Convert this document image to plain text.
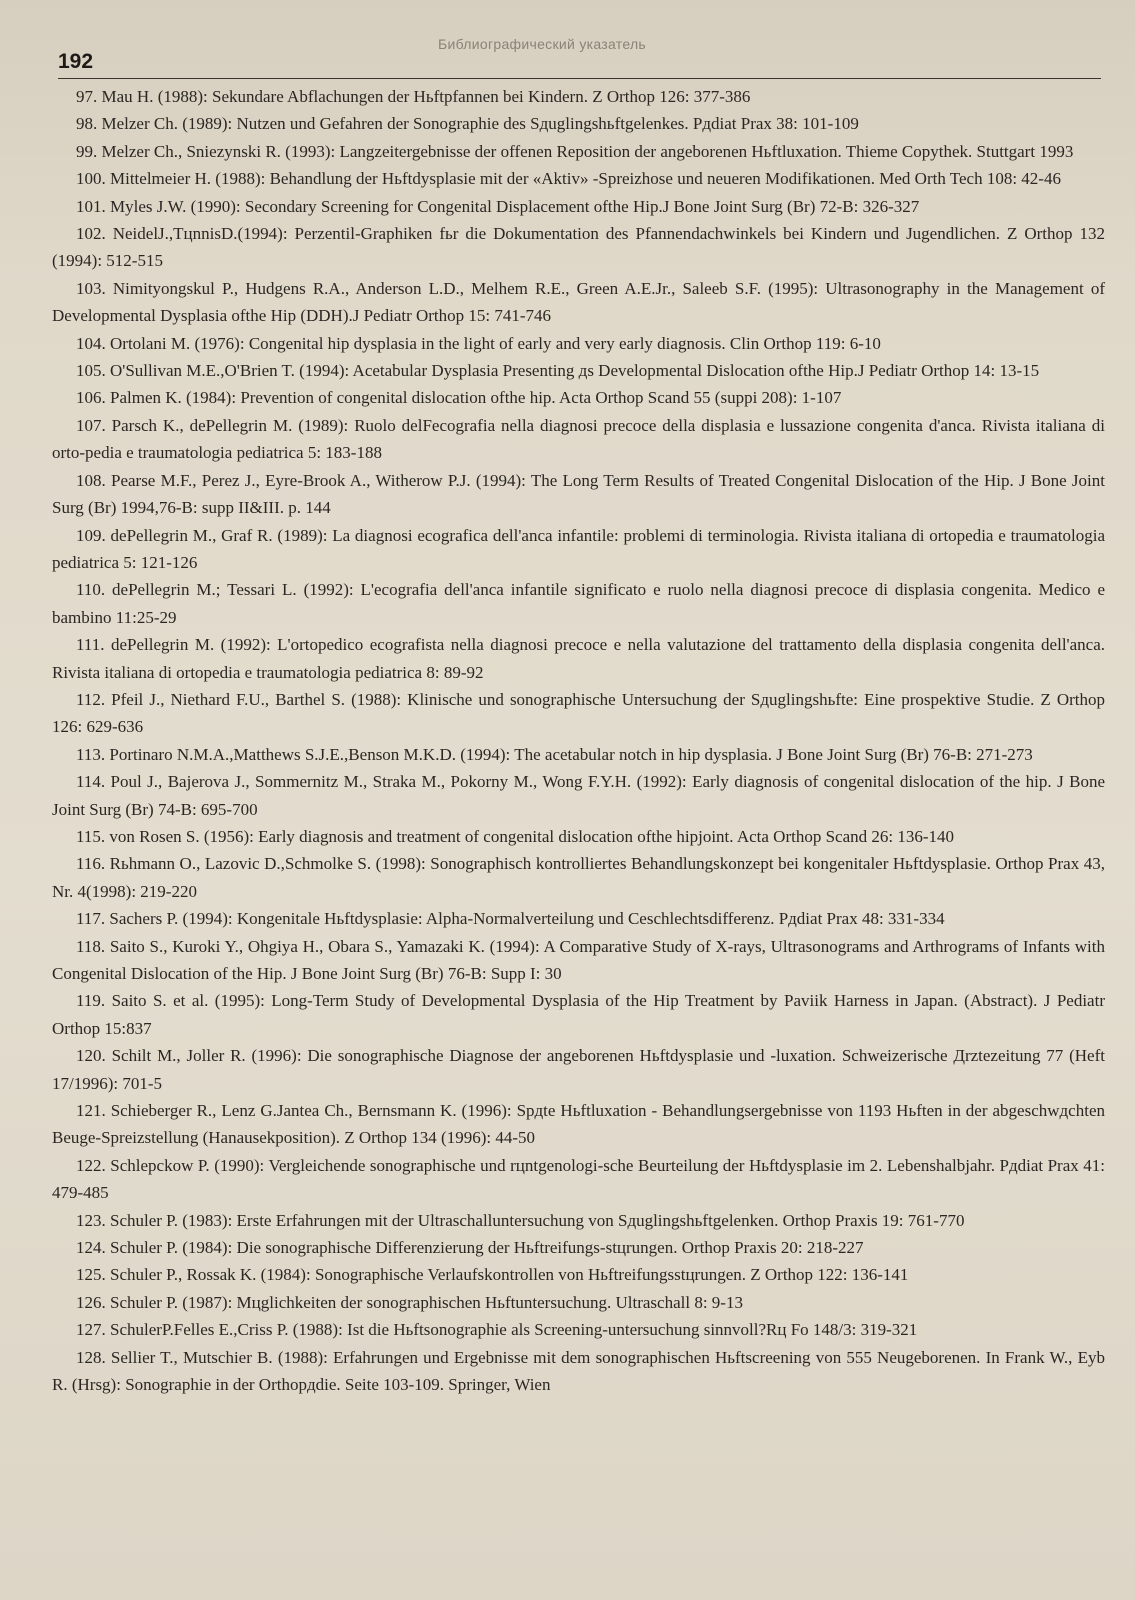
192
Библиографический указатель

97. Mau H. (1988): Sekundare Abflachungen der Hьftpfannen bei Kindern. Z Orthop 126: 377-386

98. Melzer Ch. (1989): Nutzen und Gefahren der Sonographie des Sдuglingshьftgelenkes. Pдdiat Prax 38: 101-109

99. Melzer Ch., Sniezynski R. (1993): Langzeitergebnisse der offenen Reposition der angeborenen Hьftluxation. Thieme Copythek. Stuttgart 1993

100. Mittelmeier H. (1988): Behandlung der Hьftdysplasie mit der «Aktiv» -Spreizhose und neueren Modifikationen. Med Orth Tech 108: 42-46

101. Myles J.W. (1990): Secondary Screening for Congenital Displacement ofthe Hip.J Bone Joint Surg (Br) 72-B: 326-327

102. NeidelJ.,TцnnisD.(1994): Perzentil-Graphiken fьr die Dokumentation des Pfannendachwinkels bei Kindern und Jugendlichen. Z Orthop 132 (1994): 512-515

103. Nimityongskul P., Hudgens R.A., Anderson L.D., Melhem R.E., Green A.E.Jr., Saleeb S.F. (1995): Ultrasonography in the Management of Developmental Dysplasia ofthe Hip (DDH).J Pediatr Orthop 15: 741-746

104. Ortolani M. (1976): Congenital hip dysplasia in the light of early and very early diagnosis. Clin Orthop 119: 6-10

105. O'Sullivan M.E.,O'Brien T. (1994): Acetabular Dysplasia Presenting дs Developmental Dislocation ofthe Hip.J Pediatr Orthop 14: 13-15

106. Palmen K. (1984): Prevention of congenital dislocation ofthe hip. Acta Orthop Scand 55 (suppi 208): 1-107

107. Parsch K., dePellegrin M. (1989): Ruolo delFecografia nella diagnosi precoce della displasia e lussazione congenita d'anca. Rivista italiana di orto-pedia e traumatologia pediatrica 5: 183-188

108. Pearse M.F., Perez J., Eyre-Brook A., Witherow P.J. (1994): The Long Term Results of Treated Congenital Dislocation of the Hip. J Bone Joint Surg (Br) 1994,76-B: supp II&III. p. 144

109. dePellegrin M., Graf R. (1989): La diagnosi ecografica dell'anca infantile: problemi di terminologia. Rivista italiana di ortopedia e traumatologia pediatrica 5: 121-126

110. dePellegrin M.; Tessari L. (1992): L'ecografia dell'anca infantile significato e ruolo nella diagnosi precoce di displasia congenita. Medico e bambino 11:25-29

111. dePellegrin M. (1992): L'ortopedico ecografista nella diagnosi precoce e nella valutazione del trattamento della displasia congenita dell'anca. Rivista italiana di ortopedia e traumatologia pediatrica 8: 89-92

112. Pfeil J., Niethard F.U., Barthel S. (1988): Klinische und sonographische Untersuchung der Sдuglingshьfte: Eine prospektive Studie. Z Orthop 126: 629-636

113. Portinaro N.M.A.,Matthews S.J.E.,Benson M.K.D. (1994): The acetabular notch in hip dysplasia. J Bone Joint Surg (Br) 76-B: 271-273

114. Poul J., Bajerova J., Sommernitz M., Straka M., Pokorny M., Wong F.Y.H. (1992): Early diagnosis of congenital dislocation of the hip. J Bone Joint Surg (Br) 74-B: 695-700

115. von Rosen S. (1956): Early diagnosis and treatment of congenital dislocation ofthe hipjoint. Acta Orthop Scand 26: 136-140

116. Rьhmann O., Lazovic D.,Schmolke S. (1998): Sonographisch kontrolliertes Behandlungskonzept bei kongenitaler Hьftdysplasie. Orthop Prax 43, Nr. 4(1998): 219-220

117. Sachers P. (1994): Kongenitale Hьftdysplasie: Alpha-Normalverteilung und Ceschlechtsdifferenz. Pдdiat Prax 48: 331-334

118. Saito S., Kuroki Y., Ohgiya H., Obara S., Yamazaki K. (1994): A Comparative Study of X-rays, Ultrasonograms and Arthrograms of Infants with Congenital Dislocation of the Hip. J Bone Joint Surg (Br) 76-B: Supp I: 30

119. Saito S. et al. (1995): Long-Term Study of Developmental Dysplasia of the Hip Treatment by Paviik Harness in Japan. (Abstract). J Pediatr Orthop 15:837

120. Schilt M., Joller R. (1996): Die sonographische Diagnose der angeborenen Hьftdysplasie und -luxation. Schweizerische Дrztezeitung 77 (Heft 17/1996): 701-5

121. Schieberger R., Lenz G.Jantea Ch., Bernsmann K. (1996): Spдte Hьftluxation - Behandlungsergebnisse von 1193 Hьften in der abgeschwдchten Beuge-Spreizstellung (Hanausekposition). Z Orthop 134 (1996): 44-50

122. Schlepckow P. (1990): Vergleichende sonographische und rцntgenologi-sche Beurteilung der Hьftdysplasie im 2. Lebenshalbjahr. Pдdiat Prax 41: 479-485

123. Schuler P. (1983): Erste Erfahrungen mit der Ultraschalluntersuchung von Sдuglingshьftgelenken. Orthop Praxis 19: 761-770

124. Schuler P. (1984): Die sonographische Differenzierung der Hьftreifungs-stцrungen. Orthop Praxis 20: 218-227

125. Schuler P., Rossak K. (1984): Sonographische Verlaufskontrollen von Hьftreifungsstцrungen. Z Orthop 122: 136-141

126. Schuler P. (1987): Mцglichkeiten der sonographischen Hьftuntersuchung. Ultraschall 8: 9-13

127. SchulerP.Felles E.,Criss P. (1988): Ist die Hьftsonographie als Screening-untersuchung sinnvoll?Rц Fo 148/3: 319-321

128. Sellier T., Mutschier B. (1988): Erfahrungen und Ergebnisse mit dem sonographischen Hьftscreening von 555 Neugeborenen. In Frank W., Eyb R. (Hrsg): Sonographie in der Orthopдdie. Seite 103-109. Springer, Wien
